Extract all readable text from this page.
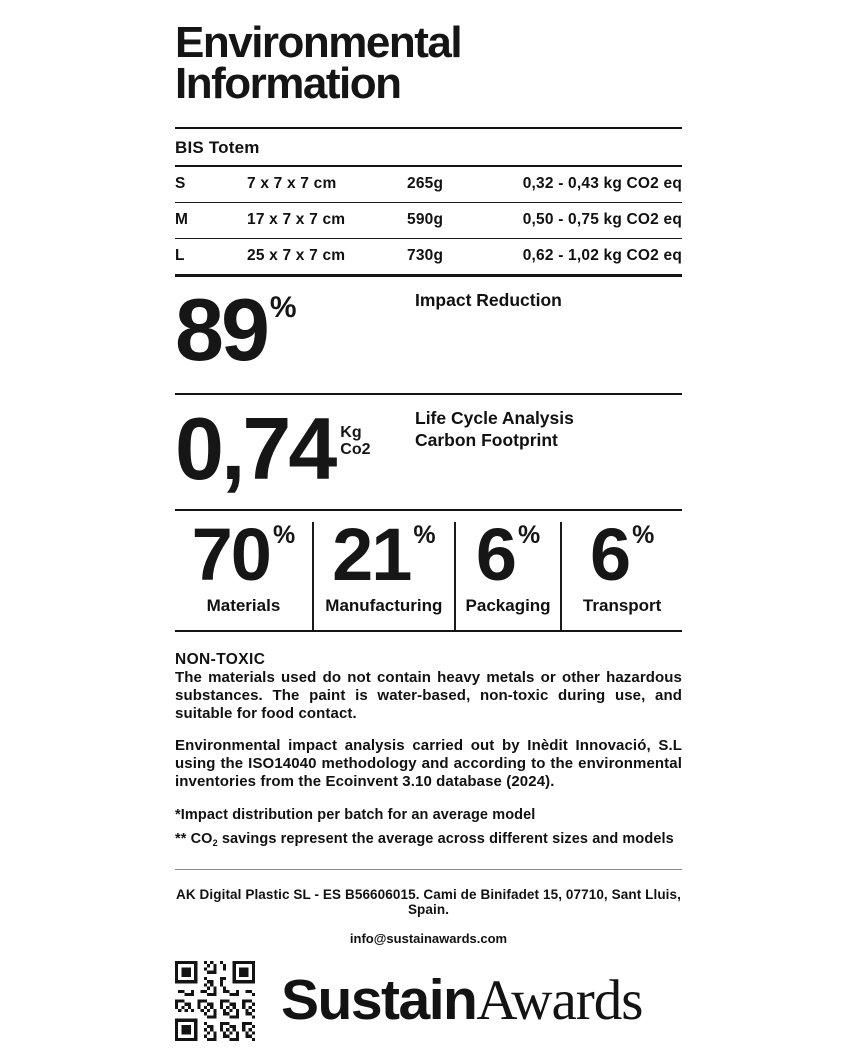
Environmental
Information
BIS Totem
S	7 x 7 x 7 cm	265g	0,32 - 0,43 kg CO2 eq
M	17 x 7 x 7 cm	590g	0,50 - 0,75 kg CO2 eq
L	25 x 7 x 7 cm	730g	0,62 - 1,02 kg CO2 eq
89 %	Impact Reduction
0,74 Kg
Co2
Life Cycle Analysis
Carbon Footprint
70 %
Materials
21 %
Manufacturing
6 %
Packaging
6 %
Transport
NON-TOXIC

The materials used do not contain heavy metals or other hazardous substances. The paint is water-based, non-toxic during use, and suitable for food contact.

Environmental impact analysis carried out by Inèdit Innovació, S.L using the ISO14040 methodology and according to the environmental inventories from the Ecoinvent 3.10 database (2024).

*Impact distribution per batch for an average model
** $CO_2$ savings represent the average across different sizes and models
AK Digital Plastic SL - ES B56606015. Cami de Binifadet 15, 07710, Sant Lluis, Spain.
info@sustainawards.com
SustainAwards
